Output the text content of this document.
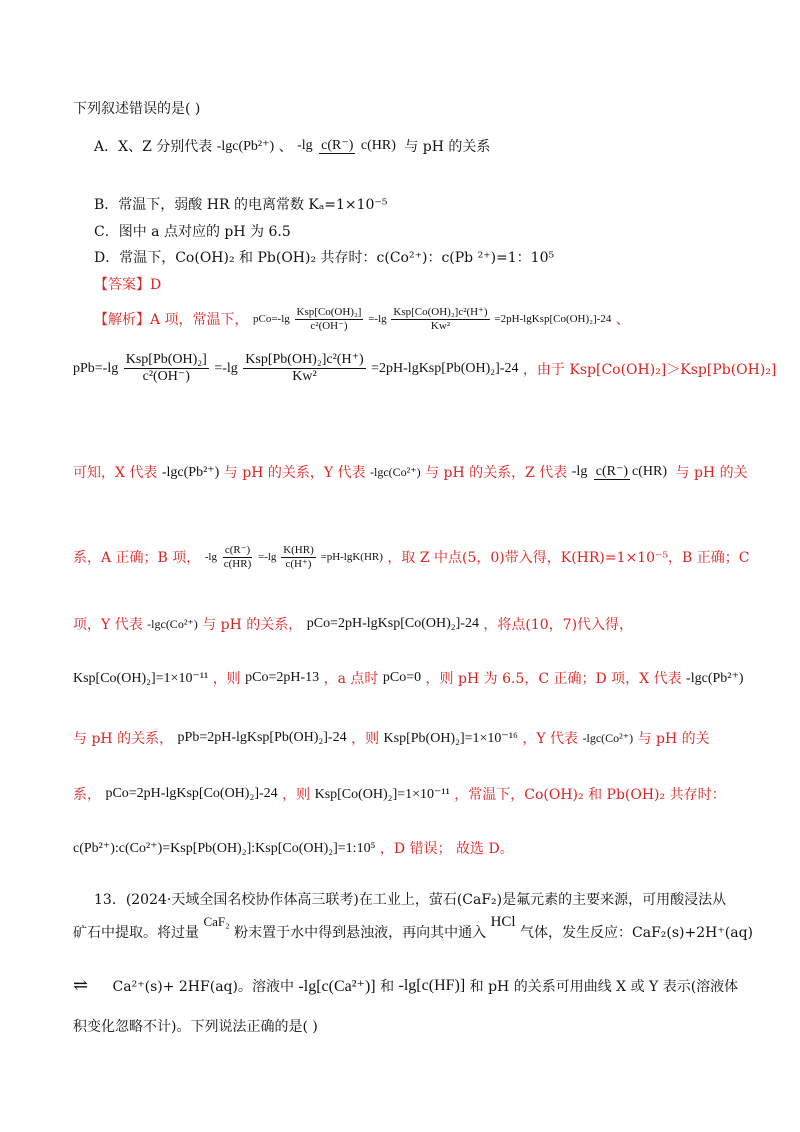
下列叙述错误的是( )
A．X、Z 分别代表 -lgc(Pb²⁺) 、 -lg c(R⁻) c(HR) 与 pH 的关系
B．常温下，弱酸 HR 的电离常数 Kₐ=1×10⁻⁵
C．图中 a 点对应的 pH 为 6.5
D．常温下，Co(OH)₂ 和 Pb(OH)₂ 共存时：c(Co²⁺)：c(Pb ²⁺)=1：10⁵
【答案】D
【解析】A 项，常温下， $pCo=-\lg \frac{\text{Ksp[Co(OH)₂]}}{\text{c²(OH⁻)}} =-\lg \frac{\text{Ksp[Co(OH)₂]c²(H⁺)}}{\text{Kw²}}$ =2pH-lgKsp[Co(OH)₂]-24 、
$pPb=-\lg \frac{\text{Ksp[Pb(OH)₂]}}{\text{c²(OH⁻)}} =-\lg \frac{\text{Ksp[Pb(OH)₂]c²(H⁺)}}{\text{Kw²}}$ =2pH-lgKsp[Pb(OH)₂]-24 ，由于 Ksp[Co(OH)₂]＞Ksp[Pb(OH)₂]
可知，X 代表 -lgc(Pb²⁺) 与 pH 的关系，Y 代表 -lgc(Co²⁺) 与 pH 的关系，Z 代表 -lg c(R⁻) c(HR) 与 pH 的关
系，A 正确；B 项， $-\lg \frac{c(R^-)}{c(HR)} =-\lg \frac{K(HR)}{c(H^+)} =pH-\lg K(HR)$ ，取 Z 中点(5，0)带入得，K(HR)=1×10⁻⁵，B 正确；C
项，Y 代表 -lgc(Co²⁺) 与 pH 的关系， pCo=2pH-lgKsp[Co(OH)₂]-24 ，将点(10，7)代入得，
Ksp[Co(OH)₂]=1×10⁻¹¹ ，则 pCo=2pH-13 ，a 点时 pCo=0 ，则 pH 为 6.5，C 正确；D 项，X 代表 -lgc(Pb²⁺)
与 pH 的关系， pPb=2pH-lgKsp[Pb(OH)₂]-24 ，则 Ksp[Pb(OH)₂]=1×10⁻¹⁶ ，Y 代表 -lgc(Co²⁺) 与 pH 的关
系， pCo=2pH-lgKsp[Co(OH)₂]-24 ，则 Ksp[Co(OH)₂]=1×10⁻¹¹ ，常温下，Co(OH)₂ 和 Pb(OH)₂ 共存时：
c(Pb²⁺):c(Co²⁺)=Ksp[Pb(OH)₂]:Ksp[Co(OH)₂]=1:10⁵ ，D 错误； 故选 D。
13．(2024·天域全国名校协作体高三联考)在工业上，萤石(CaF₂)是氟元素的主要来源，可用酸浸法从
矿石中提取。将过量 CaF₂ 粉末置于水中得到悬浊液，再向其中通入 HCl 气体，发生反应：CaF₂(s)+2H⁺(aq)
⇌ Ca²⁺(s)+ 2HF(aq)。溶液中 -lg[c(Ca²⁺)] 和 -lg[c(HF)] 和 pH 的关系可用曲线 X 或 Y 表示(溶液体
积变化忽略不计)。下列说法正确的是( )
